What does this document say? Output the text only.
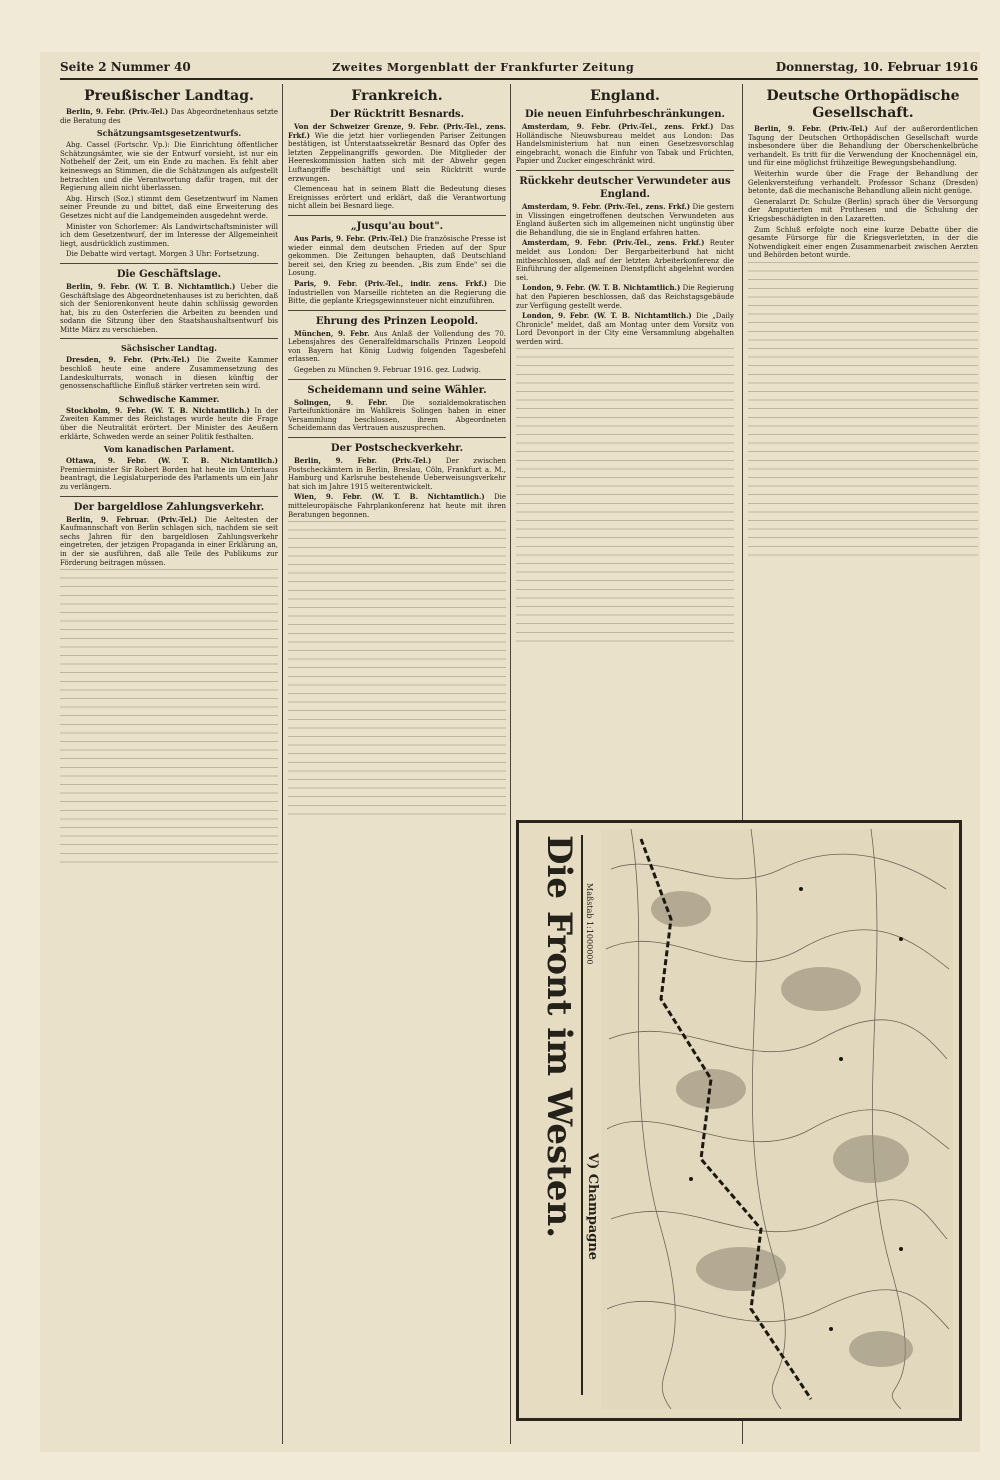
Seite 2 Nummer 40	Zweites Morgenblatt der Frankfurter Zeitung	Donnerstag, 10. Februar 1916
Preußischer Landtag.

Berlin, 9. Febr. (Priv.-Tel.) Das Abgeordnetenhaus setzte die Beratung des

Schätzungsamtsgesetzentwurfs.

Abg. Cassel (Fortschr. Vp.): Die Einrichtung öffentlicher Schätzungsämter, wie sie der Entwurf vorsieht, ist nur ein Notbehelf der Zeit, um ein Ende zu machen. Es fehlt aber keineswegs an Stimmen, die die Schätzungen als aufgestellt betrachten und die Verantwortung dafür tragen, mit der Regierung allein nicht überlassen.

Abg. Hirsch (Soz.) stimmt dem Gesetzentwurf im Namen seiner Freunde zu und bittet, daß eine Erweiterung des Gesetzes nicht auf die Landgemeinden ausgedehnt werde.

Minister von Schorlemer: Als Landwirtschaftsminister will ich dem Gesetzentwurf, der im Interesse der Allgemeinheit liegt, ausdrücklich zustimmen.

Die Debatte wird vertagt. Morgen 3 Uhr: Fortsetzung.

Die Geschäftslage.

Berlin, 9. Febr. (W. T. B. Nichtamtlich.) Ueber die Geschäftslage des Abgeordnetenhauses ist zu berichten, daß sich der Seniorenkonvent heute dahin schlüssig geworden hat, bis zu den Osterferien die Arbeiten zu beenden und sodann die Sitzung über den Staatshaushaltsentwurf bis Mitte März zu verschieben.

Sächsischer Landtag.

Dresden, 9. Febr. (Priv.-Tel.) Die Zweite Kammer beschloß heute eine andere Zusammensetzung des Landeskulturrats, wonach in diesen künftig der genossenschaftliche Einfluß stärker vertreten sein wird.

Schwedische Kammer.

Stockholm, 9. Febr. (W. T. B. Nichtamtlich.) In der Zweiten Kammer des Reichstages wurde heute die Frage über die Neutralität erörtert. Der Minister des Aeußern erklärte, Schweden werde an seiner Politik festhalten.

Vom kanadischen Parlament.

Ottawa, 9. Febr. (W. T. B. Nichtamtlich.) Premierminister Sir Robert Borden hat heute im Unterhaus beantragt, die Legislaturperiode des Parlaments um ein Jahr zu verlängern.

Der bargeldlose Zahlungsverkehr.

Berlin, 9. Februar. (Priv.-Tel.) Die Aeltesten der Kaufmannschaft von Berlin schlagen sich, nachdem sie seit sechs Jahren für den bargeldlosen Zahlungsverkehr eingetreten, der jetzigen Propaganda in einer Erklärung an, in der sie ausführen, daß alle Teile des Publikums zur Förderung beitragen müssen.

Frankreich.
Der Rücktritt Besnards.

Von der Schweizer Grenze, 9. Febr. (Priv.-Tel., zens. Frkf.) Wie die jetzt hier vorliegenden Pariser Zeitungen bestätigen, ist Unterstaatssekretär Besnard das Opfer des letzten Zeppelinangriffs geworden. Die Mitglieder der Heereskommission hatten sich mit der Abwehr gegen Luftangriffe beschäftigt und sein Rücktritt wurde erzwungen.

Clemenceau hat in seinem Blatt die Bedeutung dieses Ereignisses erörtert und erklärt, daß die Verantwortung nicht allein bei Besnard liege.

„Jusqu'au bout".

Aus Paris, 9. Febr. (Priv.-Tel.) Die französische Presse ist wieder einmal dem deutschen Frieden auf der Spur gekommen. Die Zeitungen behaupten, daß Deutschland bereit sei, den Krieg zu beenden. „Bis zum Ende" sei die Losung.

Paris, 9. Febr. (Priv.-Tel., indir. zens. Frkf.) Die Industriellen von Marseille richteten an die Regierung die Bitte, die geplante Kriegsgewinnsteuer nicht einzuführen.

Ehrung des Prinzen Leopold.

München, 9. Febr. Aus Anlaß der Vollendung des 70. Lebensjahres des Generalfeldmarschalls Prinzen Leopold von Bayern hat König Ludwig folgenden Tagesbefehl erlassen.

Gegeben zu München 9. Februar 1916. gez. Ludwig.

Scheidemann und seine Wähler.

Solingen, 9. Febr. Die sozialdemokratischen Parteifunktionäre im Wahlkreis Solingen haben in einer Versammlung beschlossen, ihrem Abgeordneten Scheidemann das Vertrauen auszusprechen.

Der Postscheckverkehr.

Berlin, 9. Febr. (Priv.-Tel.) Der zwischen Postscheckämtern in Berlin, Breslau, Cöln, Frankfurt a. M., Hamburg und Karlsruhe bestehende Ueberweisungsverkehr hat sich im Jahre 1915 weiterentwickelt.

Wien, 9. Febr. (W. T. B. Nichtamtlich.) Die mitteleuropäische Fahrplankonferenz hat heute mit ihren Beratungen begonnen.

England.
Die neuen Einfuhrbeschränkungen.

Amsterdam, 9. Febr. (Priv.-Tel., zens. Frkf.) Das Holländische Nieuwsbureau meldet aus London: Das Handelsministerium hat nun einen Gesetzesvorschlag eingebracht, wonach die Einfuhr von Tabak und Früchten, Papier und Zucker eingeschränkt wird.

Rückkehr deutscher Verwundeter aus England.

Amsterdam, 9. Febr. (Priv.-Tel., zens. Frkf.) Die gestern in Vlissingen eingetroffenen deutschen Verwundeten aus England äußerten sich im allgemeinen nicht ungünstig über die Behandlung, die sie in England erfahren hatten.

Amsterdam, 9. Febr. (Priv.-Tel., zens. Frkf.) Reuter meldet aus London: Der Bergarbeiterbund hat nicht mitbeschlossen, daß auf der letzten Arbeiterkonferenz die Einführung der allgemeinen Dienstpflicht abgelehnt worden sei.

London, 9. Febr. (W. T. B. Nichtamtlich.) Die Regierung hat den Papieren beschlossen, daß das Reichstagsgebäude zur Verfügung gestellt werde.

London, 9. Febr. (W. T. B. Nichtamtlich.) Die „Daily Chronicle" meldet, daß am Montag unter dem Vorsitz von Lord Devonport in der City eine Versammlung abgehalten werden wird.

Deutsche Orthopädische Gesellschaft.

Berlin, 9. Febr. (Priv.-Tel.) Auf der außerordentlichen Tagung der Deutschen Orthopädischen Gesellschaft wurde insbesondere über die Behandlung der Oberschenkelbrüche verhandelt. Es tritt für die Verwendung der Knochennägel ein, und für eine möglichst frühzeitige Bewegungsbehandlung.

Weiterhin wurde über die Frage der Behandlung der Gelenkversteifung verhandelt. Professor Schanz (Dresden) betonte, daß die mechanische Behandlung allein nicht genüge.

Generalarzt Dr. Schulze (Berlin) sprach über die Versorgung der Amputierten mit Prothesen und die Schulung der Kriegsbeschädigten in den Lazaretten.

Zum Schluß erfolgte noch eine kurze Debatte über die gesamte Fürsorge für die Kriegsverletzten, in der die Notwendigkeit einer engen Zusammenarbeit zwischen Aerzten und Behörden betont wurde.

Die Front im Westen. Maßstab 1:1000000
V) Champagne
